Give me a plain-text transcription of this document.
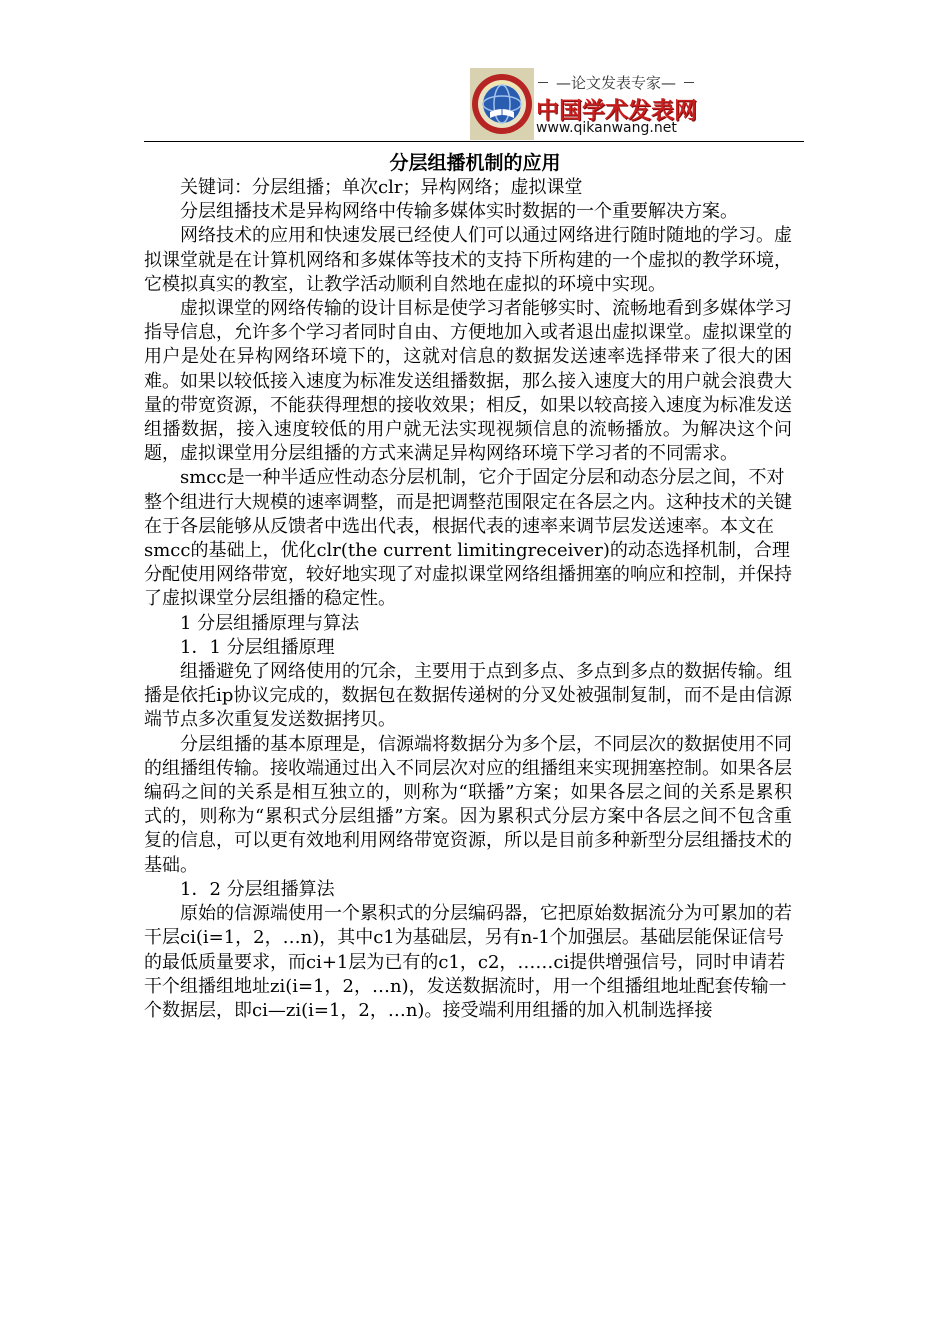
—论文发表专家—
中国学术发表网
www.qikanwang.net
分层组播机制的应用

关键词：分层组播；单次clr；异构网络；虚拟课堂

分层组播技术是异构网络中传输多媒体实时数据的一个重要解决方案。

网络技术的应用和快速发展已经使人们可以通过网络进行随时随地的学习。虚拟课堂就是在计算机网络和多媒体等技术的支持下所构建的一个虚拟的教学环境，它模拟真实的教室，让教学活动顺利自然地在虚拟的环境中实现。

虚拟课堂的网络传输的设计目标是使学习者能够实时、流畅地看到多媒体学习指导信息，允许多个学习者同时自由、方便地加入或者退出虚拟课堂。虚拟课堂的用户是处在异构网络环境下的，这就对信息的数据发送速率选择带来了很大的困难。如果以较低接入速度为标准发送组播数据，那么接入速度大的用户就会浪费大量的带宽资源，不能获得理想的接收效果；相反，如果以较高接入速度为标准发送组播数据，接入速度较低的用户就无法实现视频信息的流畅播放。为解决这个问题，虚拟课堂用分层组播的方式来满足异构网络环境下学习者的不同需求。

smcc是一种半适应性动态分层机制，它介于固定分层和动态分层之间，不对整个组进行大规模的速率调整，而是把调整范围限定在各层之内。这种技术的关键在于各层能够从反馈者中选出代表，根据代表的速率来调节层发送速率。本文在smcc的基础上，优化clr(the current limitingreceiver)的动态选择机制，合理分配使用网络带宽，较好地实现了对虚拟课堂网络组播拥塞的响应和控制，并保持了虚拟课堂分层组播的稳定性。

1 分层组播原理与算法

1．1 分层组播原理

组播避免了网络使用的冗余，主要用于点到多点、多点到多点的数据传输。组播是依托ip协议完成的，数据包在数据传递树的分叉处被强制复制，而不是由信源端节点多次重复发送数据拷贝。

分层组播的基本原理是，信源端将数据分为多个层，不同层次的数据使用不同的组播组传输。接收端通过出入不同层次对应的组播组来实现拥塞控制。如果各层编码之间的关系是相互独立的，则称为“联播”方案；如果各层之间的关系是累积式的，则称为“累积式分层组播”方案。因为累积式分层方案中各层之间不包含重复的信息，可以更有效地利用网络带宽资源，所以是目前多种新型分层组播技术的基础。

1．2 分层组播算法

原始的信源端使用一个累积式的分层编码器，它把原始数据流分为可累加的若干层ci(i=1，2，…n)，其中c1为基础层，另有n-1个加强层。基础层能保证信号的最低质量要求，而ci+1层为已有的c1，c2，……ci提供增强信号，同时申请若干个组播组地址zi(i=1，2，…n)，发送数据流时，用一个组播组地址配套传输一个数据层，即ci—zi(i=1，2，…n)。接受端利用组播的加入机制选择接
